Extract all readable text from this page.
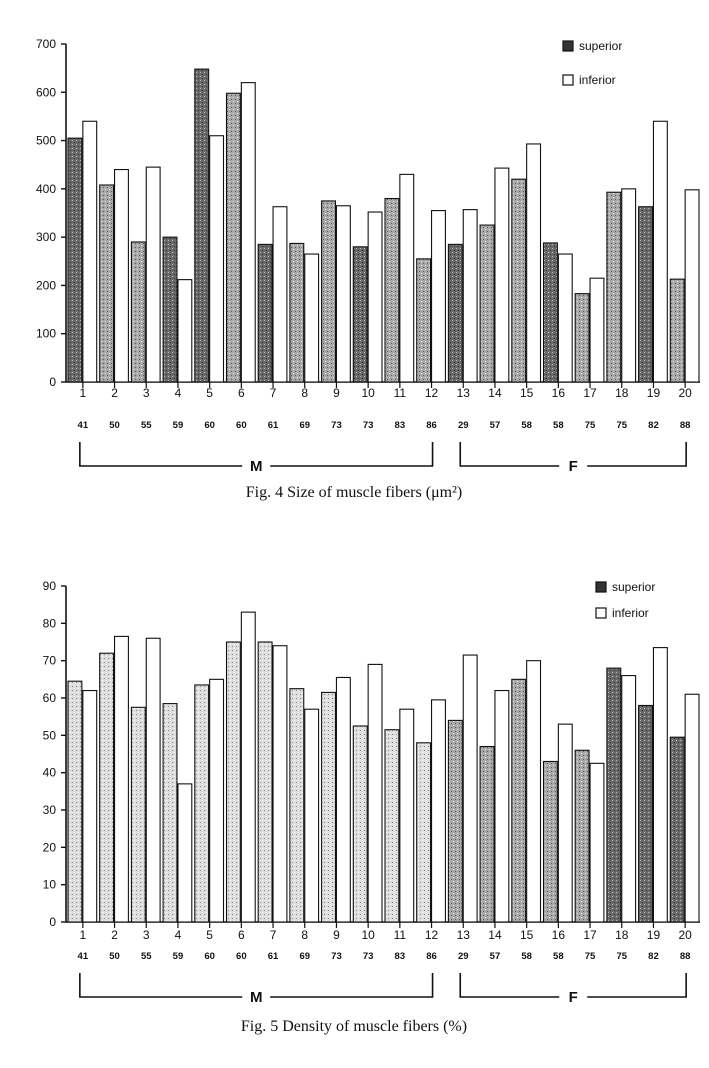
0
100
200
300
400
500
600
700
1
41
2
50
3
55
4
59
5
60
6
60
7
61
8
69
9
73
10
73
11
83
12
86
13
29
14
57
15
58
16
58
17
75
18
75
19
82
20
88
M	F
superior
inferior
Fig. 4 Size of muscle fibers (μm²)
0
10
20
30
40
50
60
70
80
90
1
41
2
50
3
55
4
59
5
60
6
60
7
61
8
69
9
73
10
73
11
83
12
86
13
29
14
57
15
58
16
58
17
75
18
75
19
82
20
88
M	F
superior
inferior
Fig. 5 Density of muscle fibers (%)
